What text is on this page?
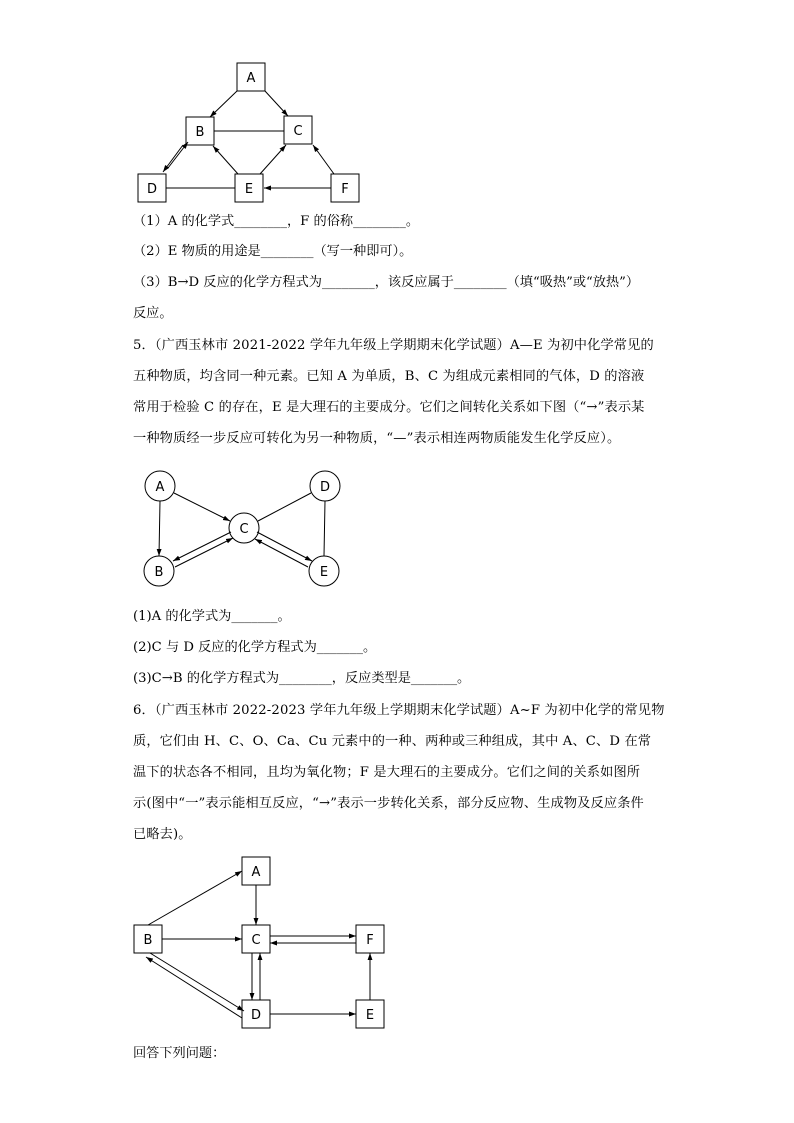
A
B	C
D	E	F
（1）A 的化学式________，F 的俗称________。
（2）E 物质的用途是________（写一种即可）。
（3）B→D 反应的化学方程式为________，该反应属于________（填“吸热”或“放热”）
反应。
5．（广西玉林市 2021-2022 学年九年级上学期期末化学试题）A—E 为初中化学常见的
五种物质，均含同一种元素。已知 A 为单质，B、C 为组成元素相同的气体，D 的溶液
常用于检验 C 的存在，E 是大理石的主要成分。它们之间转化关系如下图（“→”表示某
一种物质经一步反应可转化为另一种物质，“—”表示相连两物质能发生化学反应）。
A
B
C
D
E
(1)A 的化学式为_______。
(2)C 与 D 反应的化学方程式为_______。
(3)C→B 的化学方程式为________，反应类型是_______。
6．（广西玉林市 2022-2023 学年九年级上学期期末化学试题）A~F 为初中化学的常见物
质，它们由 H、C、O、Ca、Cu 元素中的一种、两种或三种组成，其中 A、C、D 在常
温下的状态各不相同，且均为氧化物；F 是大理石的主要成分。它们之间的关系如图所
示(图中“一”表示能相互反应，“→”表示一步转化关系，部分反应物、生成物及反应条件
已略去)。
A
B	C	F
D	E
回答下列问题：
